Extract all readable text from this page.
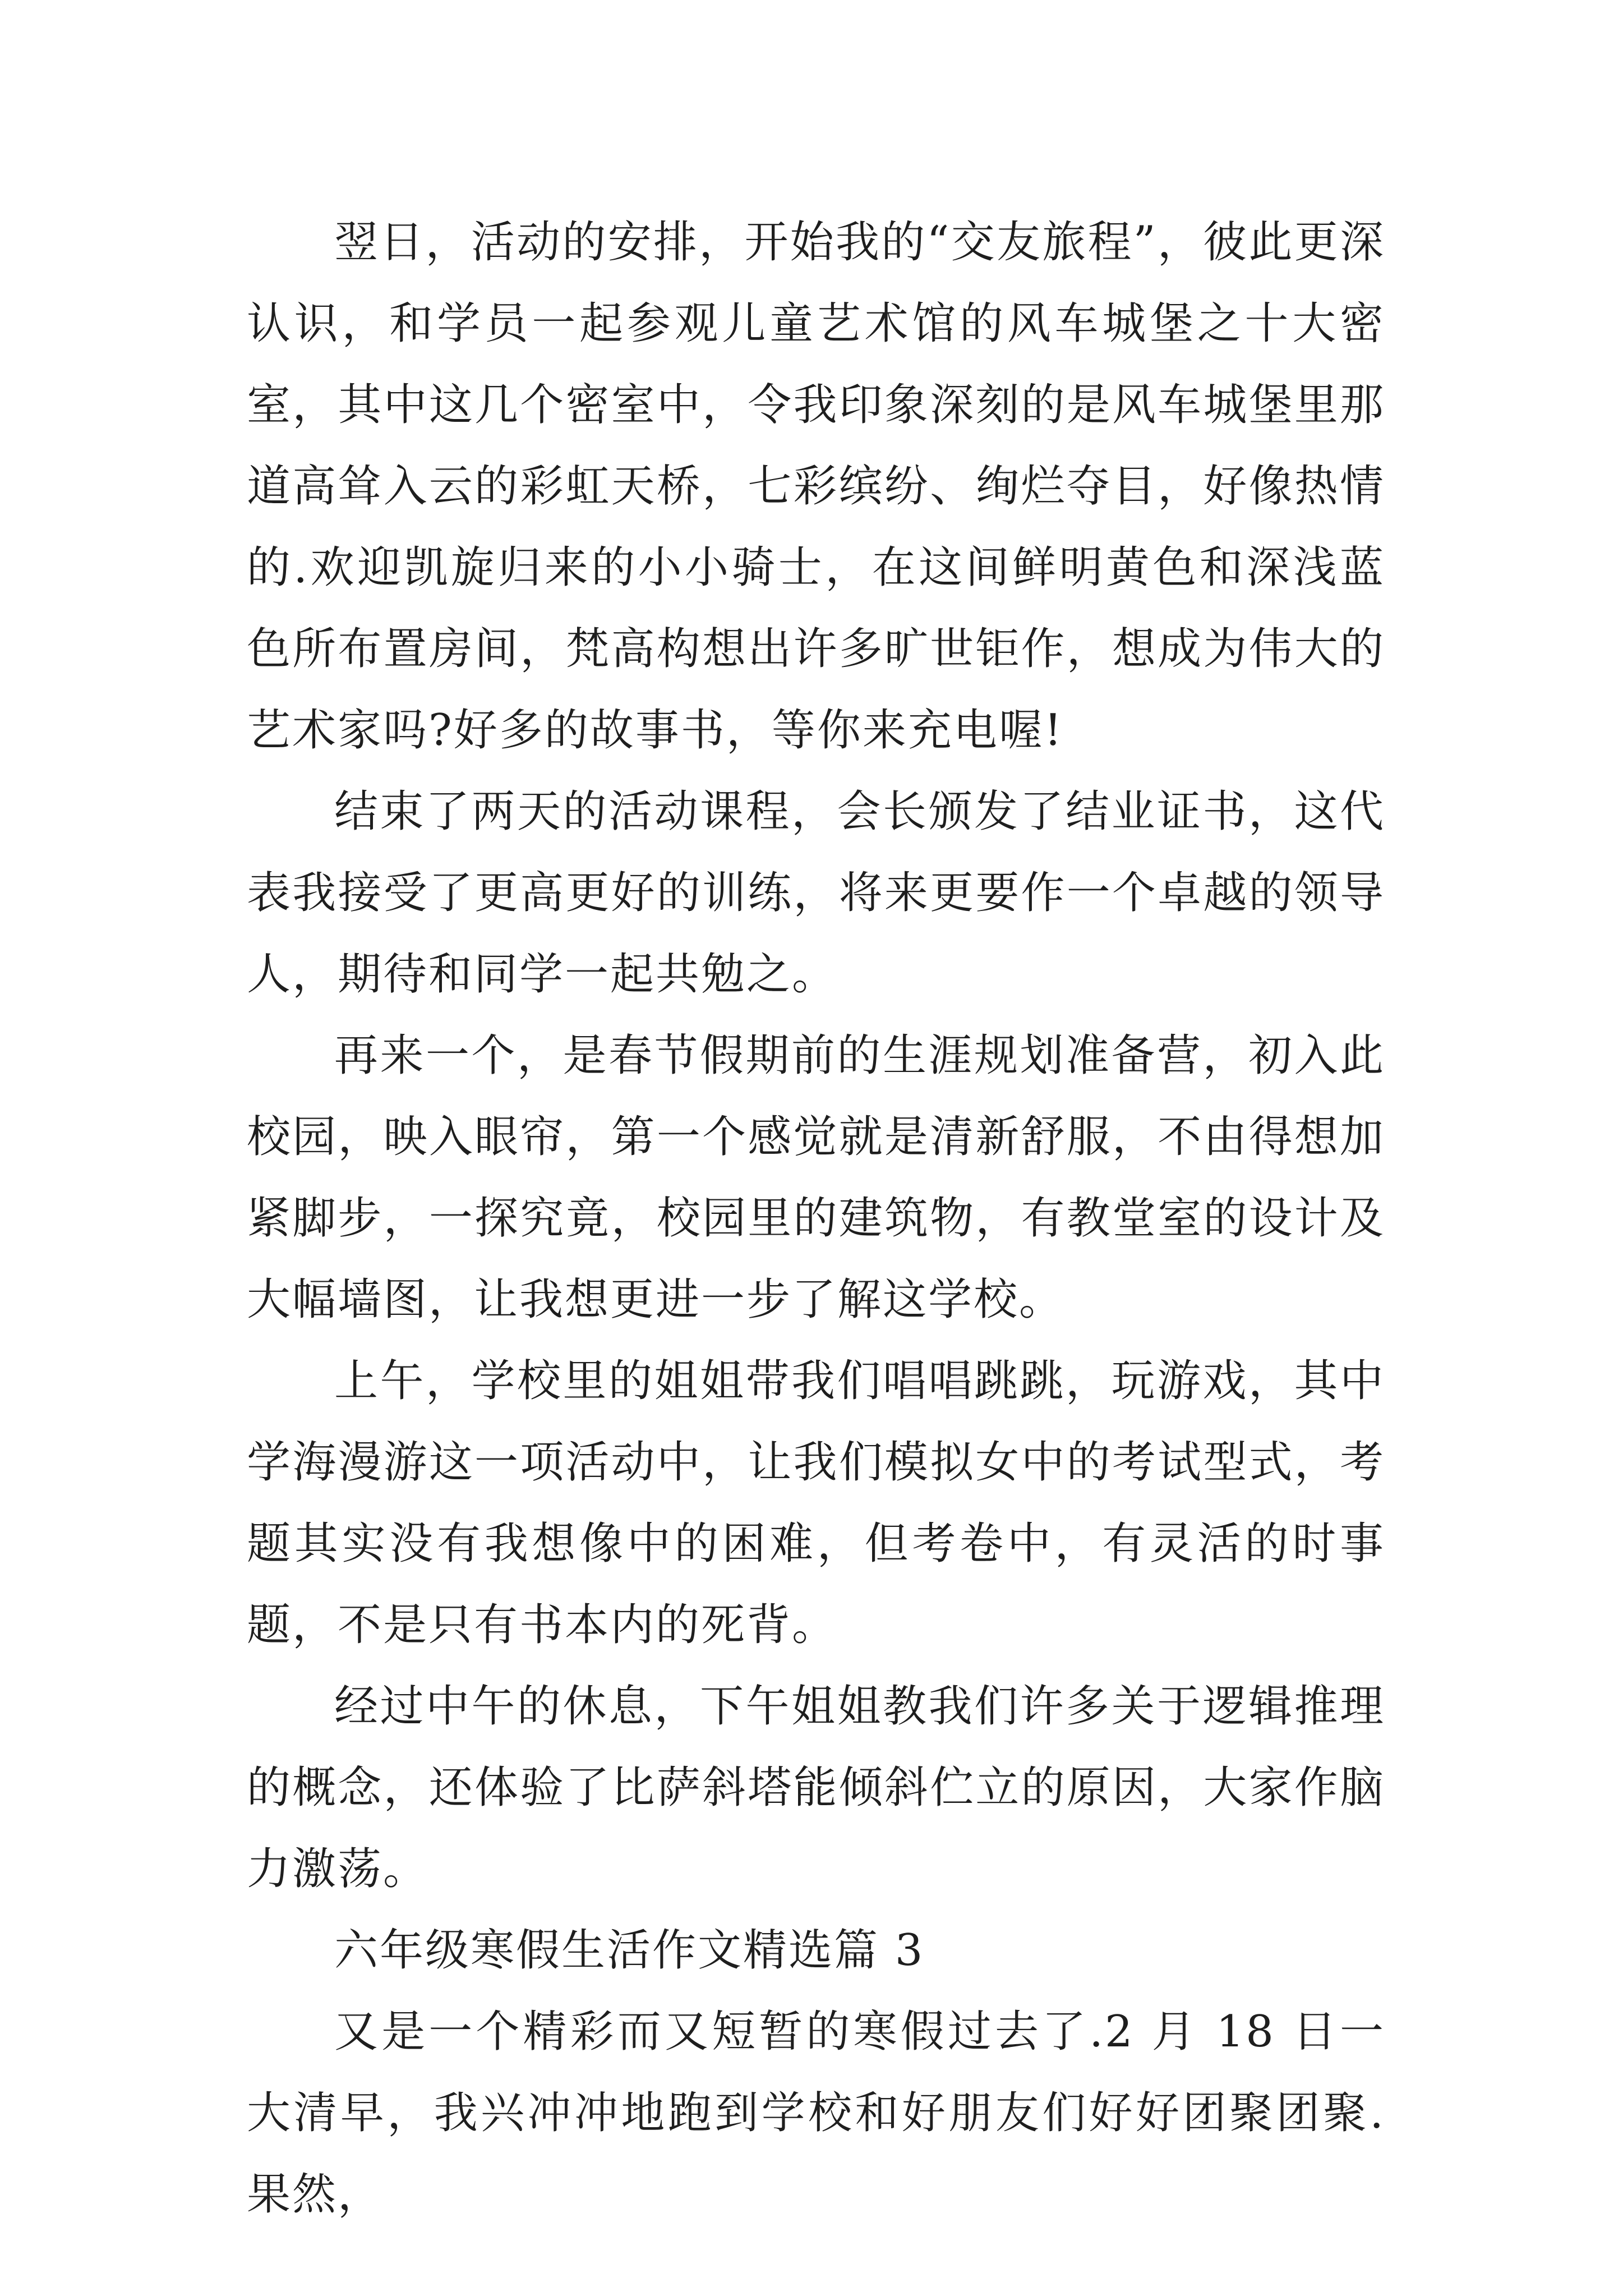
翌日，活动的安排，开始我的“交友旅程”，彼此更深认识，和学员一起参观儿童艺术馆的风车城堡之十大密室，其中这几个密室中，令我印象深刻的是风车城堡里那道高耸入云的彩虹天桥，七彩缤纷、绚烂夺目，好像热情的.欢迎凯旋归来的小小骑士，在这间鲜明黄色和深浅蓝色所布置房间，梵高构想出许多旷世钜作，想成为伟大的艺术家吗?好多的故事书，等你来充电喔!

结束了两天的活动课程，会长颁发了结业证书，这代表我接受了更高更好的训练，将来更要作一个卓越的领导人，期待和同学一起共勉之。

再来一个，是春节假期前的生涯规划准备营，初入此校园，映入眼帘，第一个感觉就是清新舒服，不由得想加紧脚步，一探究竟，校园里的建筑物，有教堂室的设计及大幅墙图，让我想更进一步了解这学校。

上午，学校里的姐姐带我们唱唱跳跳，玩游戏，其中学海漫游这一项活动中，让我们模拟女中的考试型式，考题其实没有我想像中的困难，但考卷中，有灵活的时事题，不是只有书本内的死背。

经过中午的休息，下午姐姐教我们许多关于逻辑推理的概念，还体验了比萨斜塔能倾斜伫立的原因，大家作脑力激荡。

六年级寒假生活作文精选篇 3

又是一个精彩而又短暂的寒假过去了.2 月 18 日一大清早，我兴冲冲地跑到学校和好朋友们好好团聚团聚.果然，
